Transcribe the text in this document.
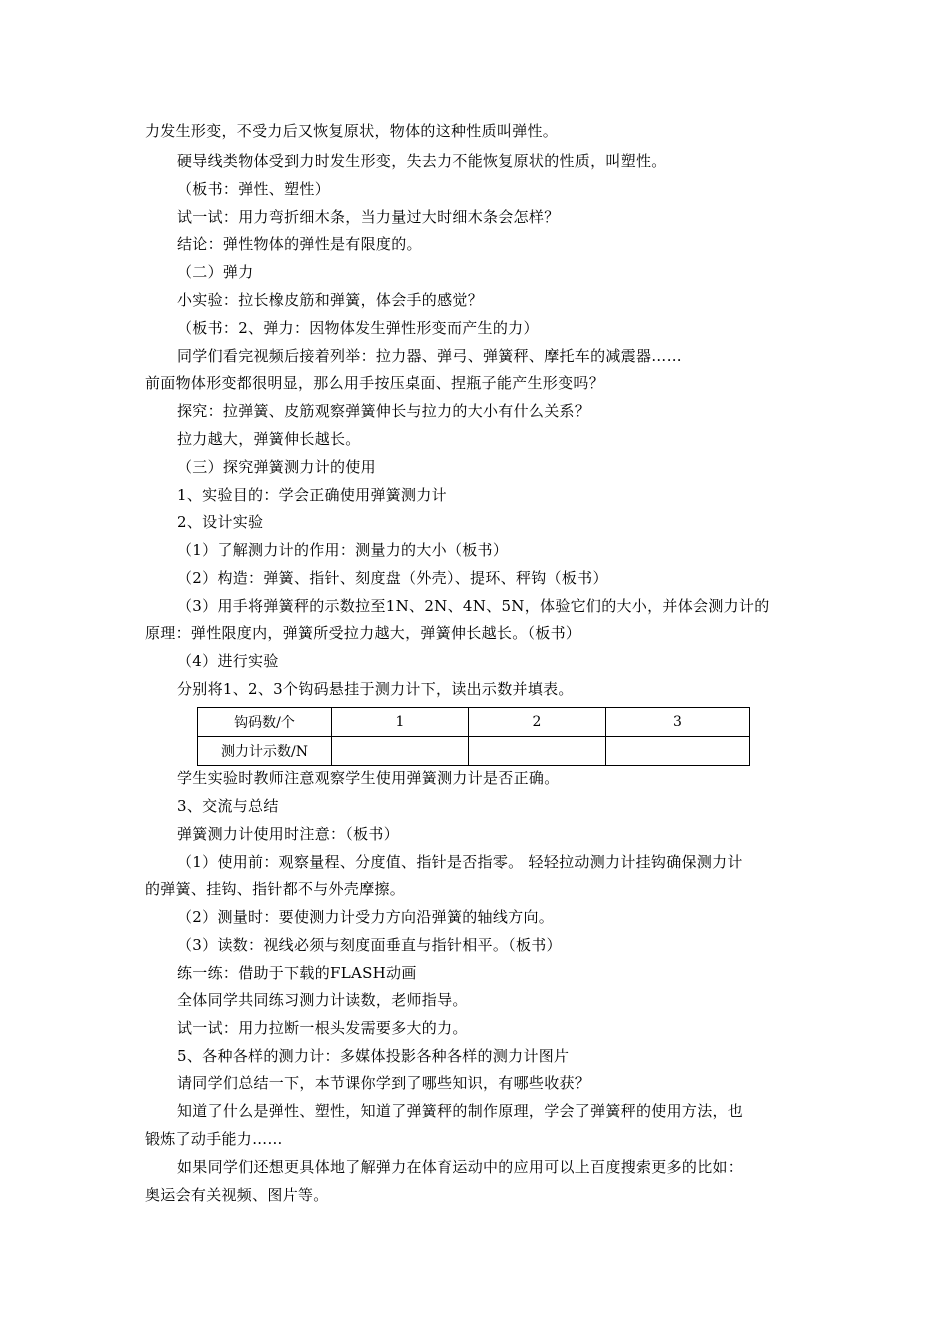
力发生形变，不受力后又恢复原状，物体的这种性质叫弹性。
硬导线类物体受到力时发生形变，失去力不能恢复原状的性质，叫塑性。
（板书：弹性、塑性）
试一试：用力弯折细木条，当力量过大时细木条会怎样？
结论：弹性物体的弹性是有限度的。
（二）弹力
小实验：拉长橡皮筋和弹簧，体会手的感觉？
（板书：2、弹力：因物体发生弹性形变而产生的力）
同学们看完视频后接着列举：拉力器、弹弓、弹簧秤、摩托车的减震器……
前面物体形变都很明显，那么用手按压桌面、捏瓶子能产生形变吗？
探究：拉弹簧、皮筋观察弹簧伸长与拉力的大小有什么关系？
拉力越大，弹簧伸长越长。
（三）探究弹簧测力计的使用
1、实验目的：学会正确使用弹簧测力计
2、设计实验
（1）了解测力计的作用：测量力的大小（板书）
（2）构造：弹簧、指针、刻度盘（外壳）、提环、秤钩（板书）
（3）用手将弹簧秤的示数拉至1N、2N、4N、5N，体验它们的大小，并体会测力计的
原理：弹性限度内，弹簧所受拉力越大，弹簧伸长越长。（板书）
（4）进行实验
分别将1、2、3个钩码悬挂于测力计下，读出示数并填表。
钩码数/个	1	2	3
测力计示数/N			
学生实验时教师注意观察学生使用弹簧测力计是否正确。
3、交流与总结
弹簧测力计使用时注意：（板书）
（1）使用前：观察量程、分度值、指针是否指零。 轻轻拉动测力计挂钩确保测力计
的弹簧、挂钩、指针都不与外壳摩擦。
（2）测量时：要使测力计受力方向沿弹簧的轴线方向。
（3）读数：视线必须与刻度面垂直与指针相平。（板书）
练一练：借助于下载的FLASH动画
全体同学共同练习测力计读数，老师指导。
试一试：用力拉断一根头发需要多大的力。
5、各种各样的测力计：多媒体投影各种各样的测力计图片
请同学们总结一下，本节课你学到了哪些知识，有哪些收获？
知道了什么是弹性、塑性，知道了弹簧秤的制作原理，学会了弹簧秤的使用方法，也
锻炼了动手能力……
如果同学们还想更具体地了解弹力在体育运动中的应用可以上百度搜索更多的比如：
奥运会有关视频、图片等。
